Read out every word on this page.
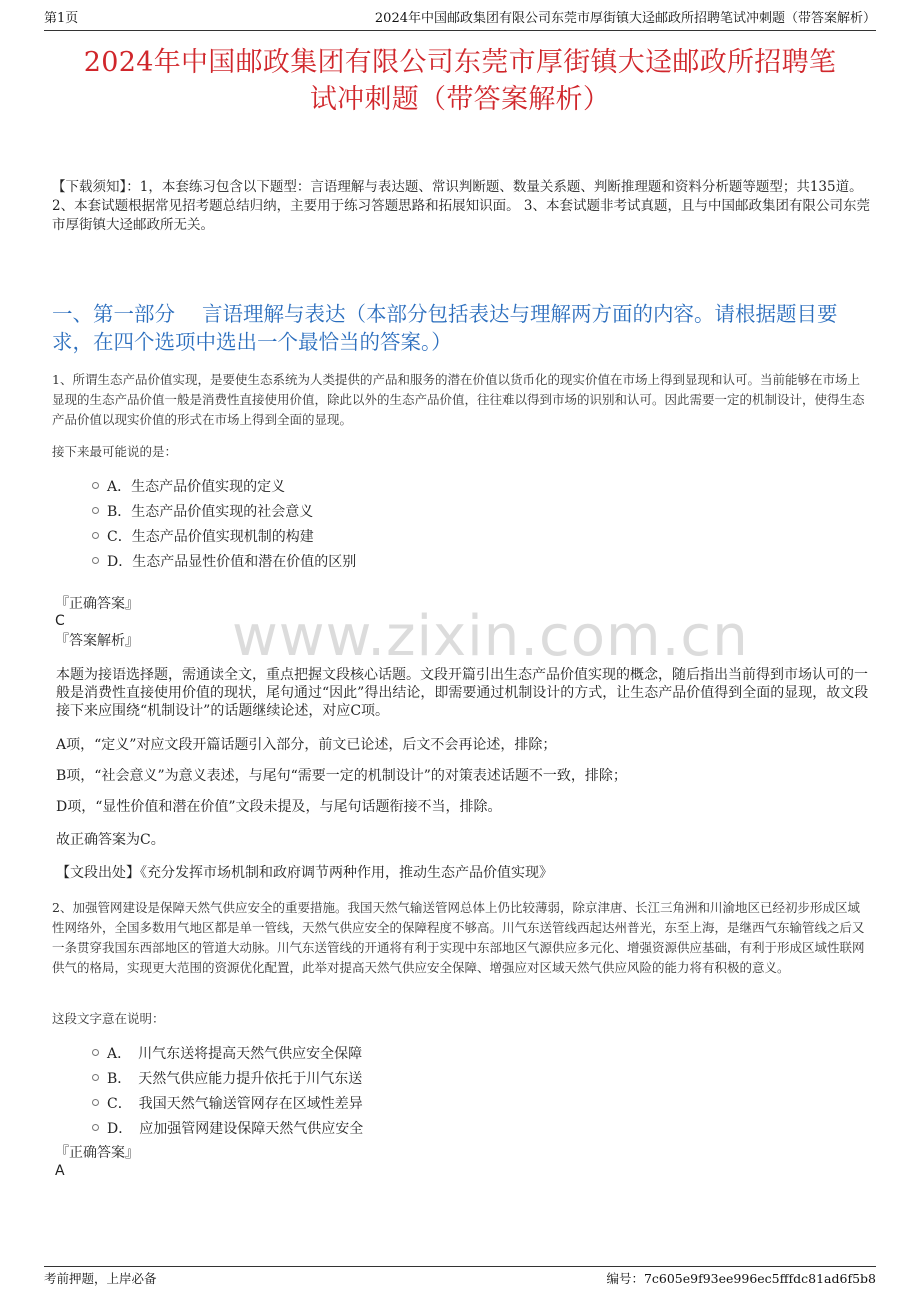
第1页	2024年中国邮政集团有限公司东莞市厚街镇大迳邮政所招聘笔试冲刺题（带答案解析）
2024年中国邮政集团有限公司东莞市厚街镇大迳邮政所招聘笔
试冲刺题（带答案解析）
【下载须知】：1，本套练习包含以下题型：言语理解与表达题、常识判断题、数量关系题、判断推理题和资料分析题等题型；共135道。 2、本套试题根据常见招考题总结归纳，主要用于练习答题思路和拓展知识面。 3、本套试题非考试真题，且与中国邮政集团有限公司东莞市厚街镇大迳邮政所无关。
一、第一部分　 言语理解与表达（本部分包括表达与理解两方面的内容。请根据题目要求，在四个选项中选出一个最恰当的答案。）
1、所谓生态产品价值实现，是要使生态系统为人类提供的产品和服务的潜在价值以货币化的现实价值在市场上得到显现和认可。当前能够在市场上显现的生态产品价值一般是消费性直接使用价值，除此以外的生态产品价值，往往难以得到市场的识别和认可。因此需要一定的机制设计，使得生态产品价值以现实价值的形式在市场上得到全面的显现。
接下来最可能说的是：
A．生态产品价值实现的定义
B．生态产品价值实现的社会意义
C．生态产品价值实现机制的构建
D．生态产品显性价值和潜在价值的区别
『正确答案』
C
『答案解析』

本题为接语选择题，需通读全文，重点把握文段核心话题。文段开篇引出生态产品价值实现的概念，随后指出当前得到市场认可的一般是消费性直接使用价值的现状，尾句通过“因此”得出结论，即需要通过机制设计的方式，让生态产品价值得到全面的显现，故文段接下来应围绕“机制设计”的话题继续论述，对应C项。

A项，“定义”对应文段开篇话题引入部分，前文已论述，后文不会再论述，排除；

B项，“社会意义”为意义表述，与尾句“需要一定的机制设计”的对策表述话题不一致，排除；

D项，“显性价值和潜在价值”文段未提及，与尾句话题衔接不当，排除。

故正确答案为C。

【文段出处】《充分发挥市场机制和政府调节两种作用，推动生态产品价值实现》

2、加强管网建设是保障天然气供应安全的重要措施。我国天然气输送管网总体上仍比较薄弱，除京津唐、长江三角洲和川渝地区已经初步形成区域性网络外，全国多数用气地区都是单一管线，天然气供应安全的保障程度不够高。川气东送管线西起达州普光，东至上海，是继西气东输管线之后又一条贯穿我国东西部地区的管道大动脉。川气东送管线的开通将有利于实现中东部地区气源供应多元化、增强资源供应基础，有利于形成区域性联网供气的格局，实现更大范围的资源优化配置，此举对提高天然气供应安全保障、增强应对区域天然气供应风险的能力将有积极的意义。
这段文字意在说明：
A．　川气东送将提高天然气供应安全保障
B．　天然气供应能力提升依托于川气东送
C．　我国天然气输送管网存在区域性差异
D．　应加强管网建设保障天然气供应安全
『正确答案』
A
www.zixin.com.cn
考前押题，上岸必备	编号：7c605e9f93ee996ec5fffdc81ad6f5b8
